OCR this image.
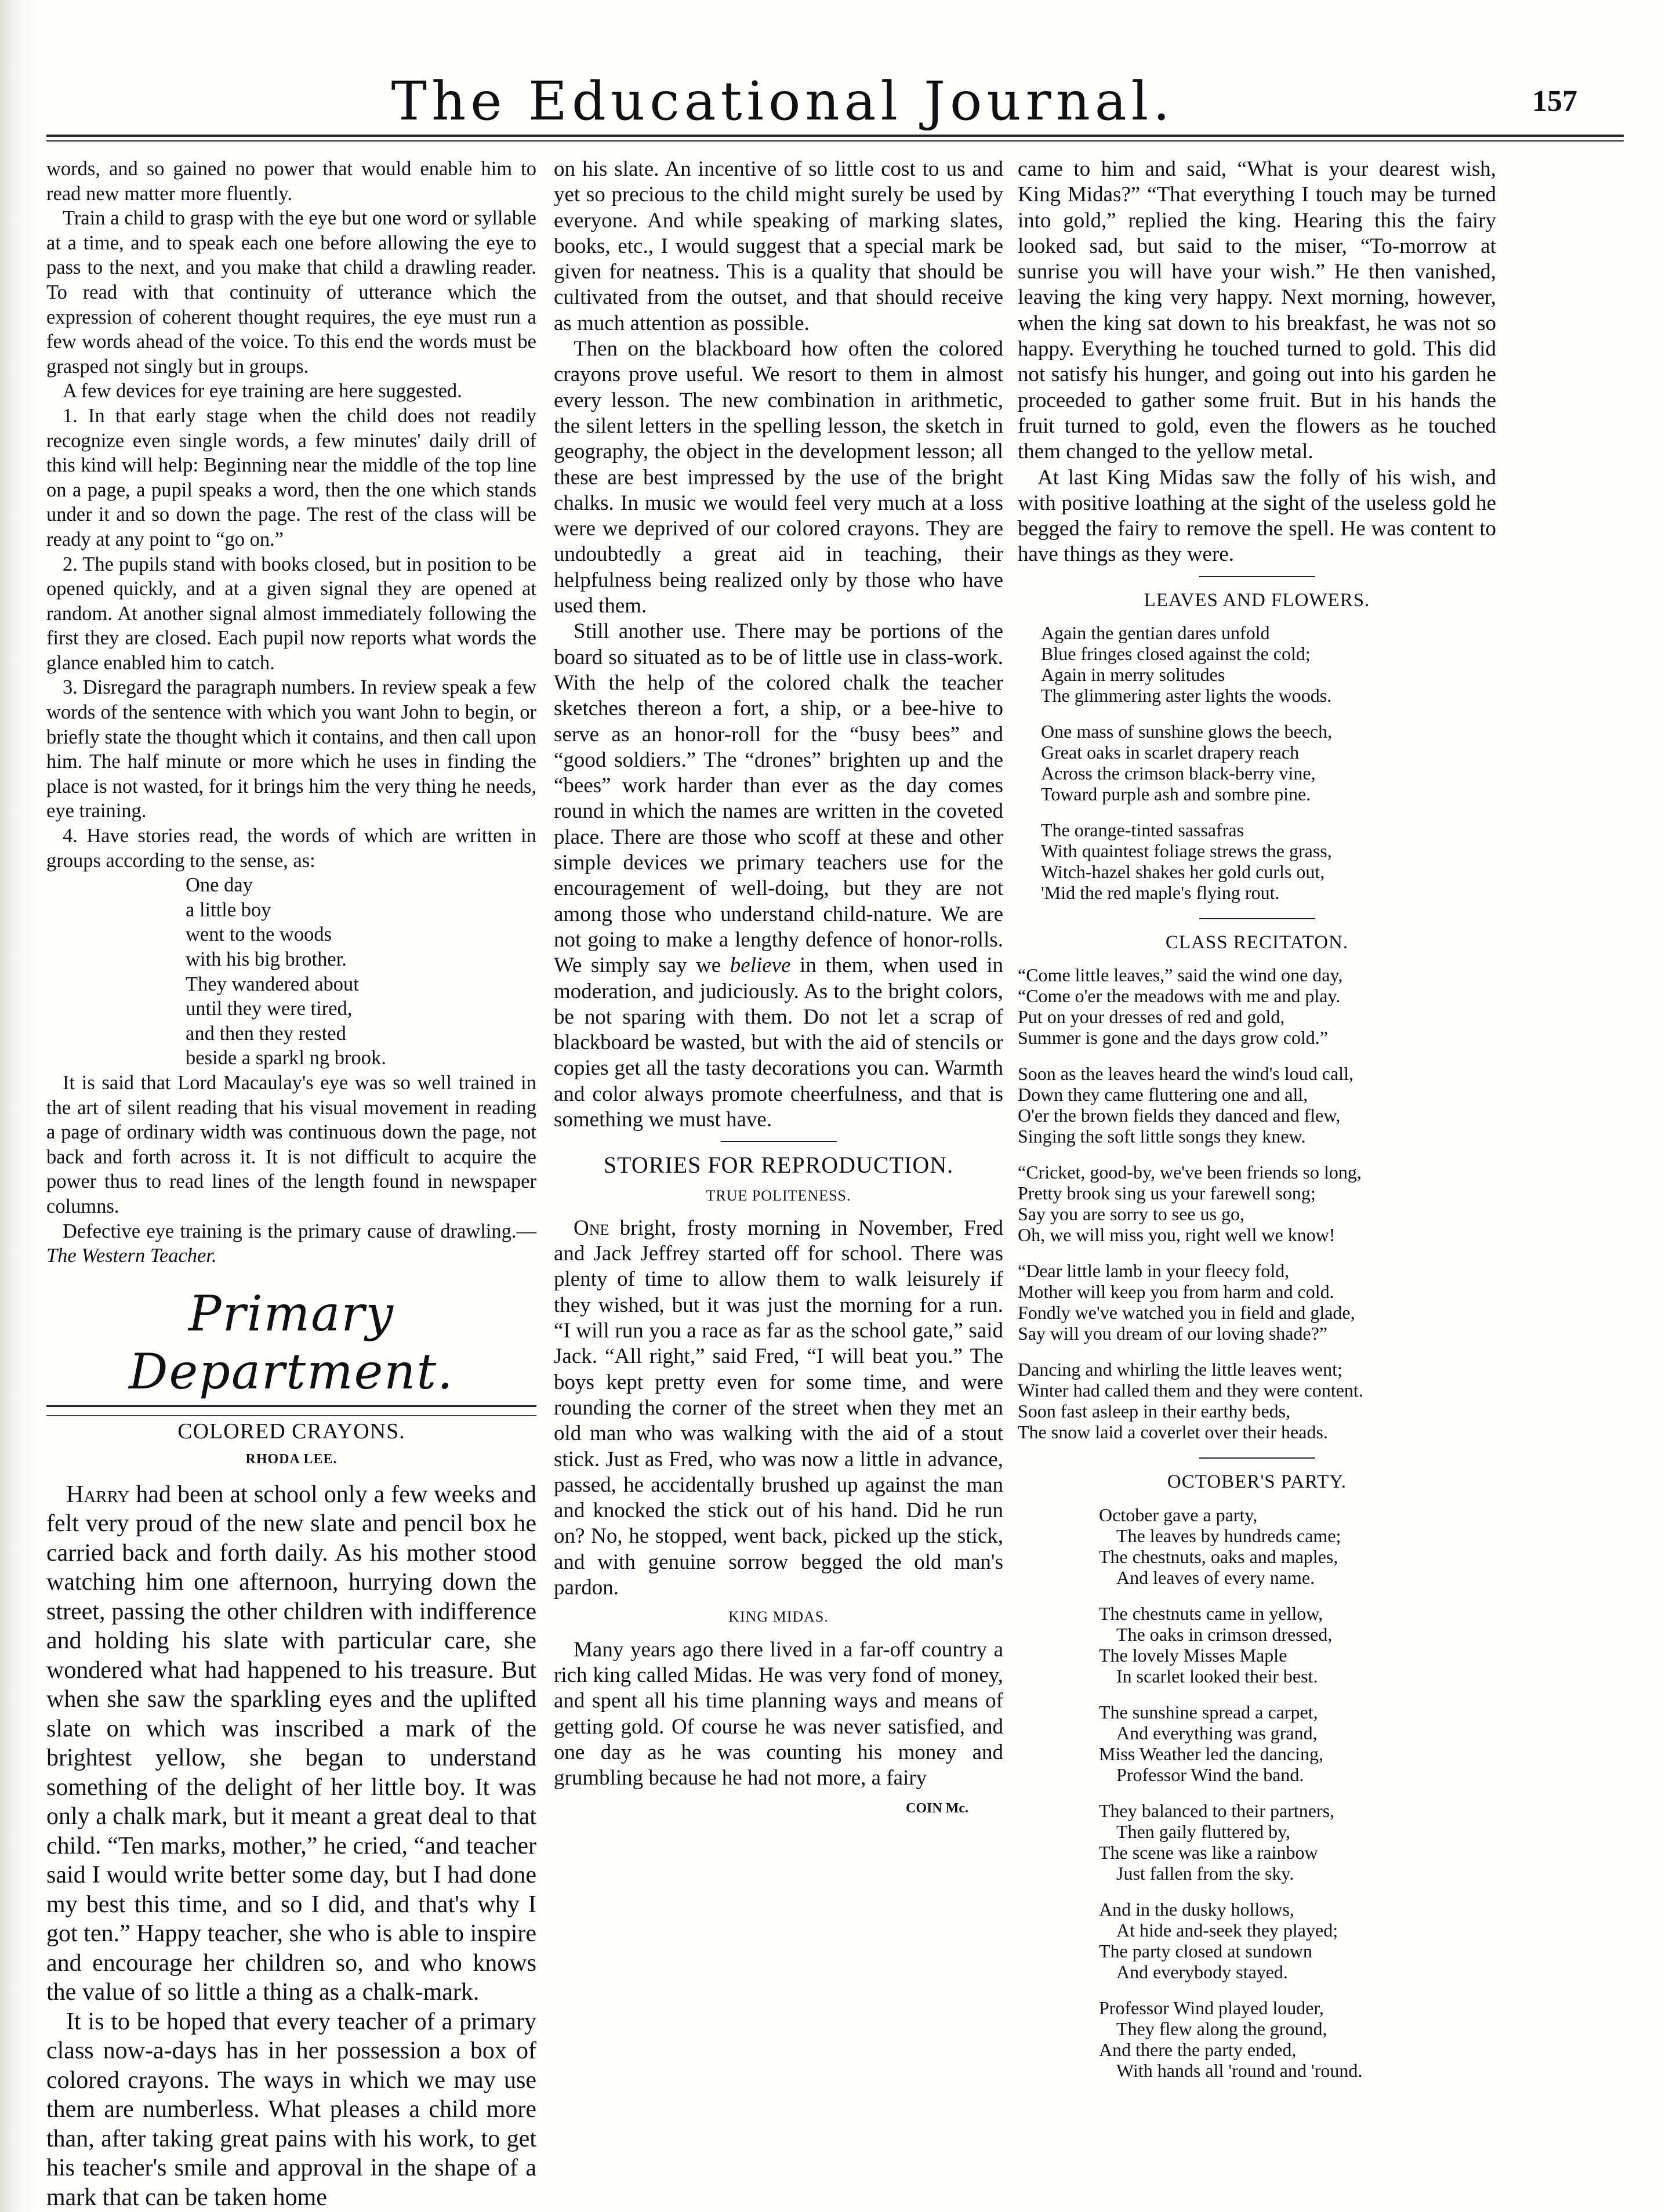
The Educational Journal.	157

words, and so gained no power that would enable him to read new matter more fluently.

Train a child to grasp with the eye but one word or syllable at a time, and to speak each one before allowing the eye to pass to the next, and you make that child a drawling reader. To read with that continuity of utterance which the expression of coherent thought requires, the eye must run a few words ahead of the voice. To this end the words must be grasped not singly but in groups.

A few devices for eye training are here suggested.

1. In that early stage when the child does not readily recognize even single words, a few minutes' daily drill of this kind will help: Beginning near the middle of the top line on a page, a pupil speaks a word, then the one which stands under it and so down the page. The rest of the class will be ready at any point to “go on.”

2. The pupils stand with books closed, but in position to be opened quickly, and at a given signal they are opened at random. At another signal almost immediately following the first they are closed. Each pupil now reports what words the glance enabled him to catch.

3. Disregard the paragraph numbers. In review speak a few words of the sentence with which you want John to begin, or briefly state the thought which it contains, and then call upon him. The half minute or more which he uses in finding the place is not wasted, for it brings him the very thing he needs, eye training.

4. Have stories read, the words of which are written in groups according to the sense, as:

One day
a little boy
went to the woods
with his big brother.
They wandered about
until they were tired,
and then they rested
beside a sparkl ng brook.

It is said that Lord Macaulay's eye was so well trained in the art of silent reading that his visual movement in reading a page of ordinary width was continuous down the page, not back and forth across it. It is not difficult to acquire the power thus to read lines of the length found in newspaper columns.

Defective eye training is the primary cause of drawling.—The Western Teacher.

Primary Department.
COLORED CRAYONS.
RHODA LEE.

Harry had been at school only a few weeks and felt very proud of the new slate and pencil box he carried back and forth daily. As his mother stood watching him one afternoon, hurrying down the street, passing the other children with indifference and holding his slate with particular care, she wondered what had happened to his treasure. But when she saw the sparkling eyes and the uplifted slate on which was inscribed a mark of the brightest yellow, she began to understand something of the delight of her little boy. It was only a chalk mark, but it meant a great deal to that child. “Ten marks, mother,” he cried, “and teacher said I would write better some day, but I had done my best this time, and so I did, and that's why I got ten.” Happy teacher, she who is able to inspire and encourage her children so, and who knows the value of so little a thing as a chalk-mark.

It is to be hoped that every teacher of a primary class now-a-days has in her possession a box of colored crayons. The ways in which we may use them are numberless. What pleases a child more than, after taking great pains with his work, to get his teacher's smile and approval in the shape of a mark that can be taken home

on his slate. An incentive of so little cost to us and yet so precious to the child might surely be used by everyone. And while speaking of marking slates, books, etc., I would suggest that a special mark be given for neatness. This is a quality that should be cultivated from the outset, and that should receive as much attention as possible.

Then on the blackboard how often the colored crayons prove useful. We resort to them in almost every lesson. The new combination in arithmetic, the silent letters in the spelling lesson, the sketch in geography, the object in the development lesson; all these are best impressed by the use of the bright chalks. In music we would feel very much at a loss were we deprived of our colored crayons. They are undoubtedly a great aid in teaching, their helpfulness being realized only by those who have used them.

Still another use. There may be portions of the board so situated as to be of little use in class-work. With the help of the colored chalk the teacher sketches thereon a fort, a ship, or a bee-hive to serve as an honor-roll for the “busy bees” and “good soldiers.” The “drones” brighten up and the “bees” work harder than ever as the day comes round in which the names are written in the coveted place. There are those who scoff at these and other simple devices we primary teachers use for the encouragement of well-doing, but they are not among those who understand child-nature. We are not going to make a lengthy defence of honor-rolls. We simply say we believe in them, when used in moderation, and judiciously. As to the bright colors, be not sparing with them. Do not let a scrap of blackboard be wasted, but with the aid of stencils or copies get all the tasty decorations you can. Warmth and color always promote cheerfulness, and that is something we must have.

STORIES FOR REPRODUCTION.
TRUE POLITENESS.

One bright, frosty morning in November, Fred and Jack Jeffrey started off for school. There was plenty of time to allow them to walk leisurely if they wished, but it was just the morning for a run. “I will run you a race as far as the school gate,” said Jack. “All right,” said Fred, “I will beat you.” The boys kept pretty even for some time, and were rounding the corner of the street when they met an old man who was walking with the aid of a stout stick. Just as Fred, who was now a little in advance, passed, he accidentally brushed up against the man and knocked the stick out of his hand. Did he run on? No, he stopped, went back, picked up the stick, and with genuine sorrow begged the old man's pardon.

KING MIDAS.

Many years ago there lived in a far-off country a rich king called Midas. He was very fond of money, and spent all his time planning ways and means of getting gold. Of course he was never satisfied, and one day as he was counting his money and grumbling because he had not more, a fairy

COIN Mc.

came to him and said, “What is your dearest wish, King Midas?” “That everything I touch may be turned into gold,” replied the king. Hearing this the fairy looked sad, but said to the miser, “To-morrow at sunrise you will have your wish.” He then vanished, leaving the king very happy. Next morning, however, when the king sat down to his breakfast, he was not so happy. Everything he touched turned to gold. This did not satisfy his hunger, and going out into his garden he proceeded to gather some fruit. But in his hands the fruit turned to gold, even the flowers as he touched them changed to the yellow metal.

At last King Midas saw the folly of his wish, and with positive loathing at the sight of the useless gold he begged the fairy to remove the spell. He was content to have things as they were.

LEAVES AND FLOWERS.
Again the gentian dares unfold
Blue fringes closed against the cold;
Again in merry solitudes
The glimmering aster lights the woods.
One mass of sunshine glows the beech,
Great oaks in scarlet drapery reach
Across the crimson black-berry vine,
Toward purple ash and sombre pine.
The orange-tinted sassafras
With quaintest foliage strews the grass,
Witch-hazel shakes her gold curls out,
'Mid the red maple's flying rout.
CLASS RECITATON.
“Come little leaves,” said the wind one day,
“Come o'er the meadows with me and play.
Put on your dresses of red and gold,
Summer is gone and the days grow cold.”
Soon as the leaves heard the wind's loud call,
Down they came fluttering one and all,
O'er the brown fields they danced and flew,
Singing the soft little songs they knew.
“Cricket, good-by, we've been friends so long,
Pretty brook sing us your farewell song;
Say you are sorry to see us go,
Oh, we will miss you, right well we know!
“Dear little lamb in your fleecy fold,
Mother will keep you from harm and cold.
Fondly we've watched you in field and glade,
Say will you dream of our loving shade?”
Dancing and whirling the little leaves went;
Winter had called them and they were content.
Soon fast asleep in their earthy beds,
The snow laid a coverlet over their heads.
OCTOBER'S PARTY.
October gave a party,
The leaves by hundreds came;
The chestnuts, oaks and maples,
And leaves of every name.
The chestnuts came in yellow,
The oaks in crimson dressed,
The lovely Misses Maple
In scarlet looked their best.
The sunshine spread a carpet,
And everything was grand,
Miss Weather led the dancing,
Professor Wind the band.
They balanced to their partners,
Then gaily fluttered by,
The scene was like a rainbow
Just fallen from the sky.
And in the dusky hollows,
At hide and-seek they played;
The party closed at sundown
And everybody stayed.
Professor Wind played louder,
They flew along the ground,
And there the party ended,
With hands all 'round and 'round.
